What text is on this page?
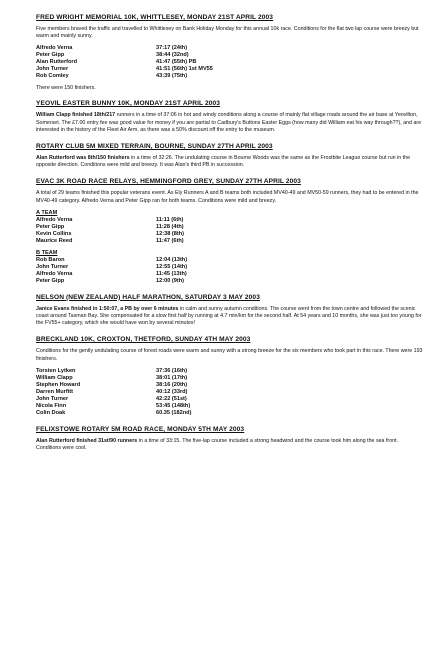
FRED WRIGHT MEMORIAL 10K, WHITTLESEY, MONDAY 21ST APRIL 2003
Five members braved the traffic and travelled to Whittlesey on Bank Holiday Monday for this annual 10k race. Conditions for the flat two lap course were breezy but warm and mainly sunny.
Alfredo Verna	37:17 (24th)
Peter Gipp	38:44 (32nd)
Alan Rutterford	41:47 (55th) PB
John Turner	41:51 (56th) 1st MV55
Rob Comley	43:39 (75th)
There were 150 finishers.
YEOVIL EASTER BUNNY 10K, MONDAY 21ST APRIL 2003
William Clapp finished 18th/217 runners in a time of 37:06 in hot and windy conditions along a course of mainly flat village roads around the air base at Yeovilton, Somerset. The £7.00 entry fee was good value for money if you are partial to Cadbury's Buttons Easter Eggs (how many did William eat his way through??), and are interested in the history of the Fleet Air Arm, as there was a 50% discount off the entry to the museum.
ROTARY CLUB 5M MIXED TERRAIN, BOURNE, SUNDAY 27TH APRIL 2003
Alan Rutterford was 8th/150 finishers in a time of 32:26. The undulating course in Bourne Woods was the same as the Frostbite League course but run in the opposite direction. Conditions were mild and breezy. It was Alan's third PB in succession.
EVAC 3K ROAD RACE RELAYS, HEMMINGFORD GREY, SUNDAY 27TH APRIL 2003
A total of 29 teams finished this popular veterans event. As Ely Runners A and B teams both included MV40-49 and MV50-59 runners, they had to be entered in the MV40-49 category. Alfredo Verna and Peter Gipp ran for both teams. Conditions were mild and breezy.
A TEAM
Alfredo Verna	11:11 (6th)
Peter Gipp	11:28 (4th)
Kevin Collins	12:38 (8th)
Maurice Reed	11:47 (6th)
B TEAM
Rob Baron	12:04 (13th)
John Turner	12:55 (14th)
Alfredo Verna	11:45 (13th)
Peter Gipp	12:00 (9th)
NELSON (NEW ZEALAND) HALF MARATHON, SATURDAY 3 MAY 2003
Janice Evans finished in 1:50:07, a PB by over 6 minutes in calm and sunny autumn conditions. The course went from the town centre and followed the scenic coast around Tasman Bay. She compensated for a slow first half by running at 4.7 min/km for the second half. At 54 years and 10 months, she was just too young for the FV55+ category, which she would have won by several minutes!
BRECKLAND 10K, CROXTON, THETFORD, SUNDAY 4TH MAY 2003
Conditions for the gently undulating course of forest roads were warm and sunny with a strong breeze for the six members who took part in this race. There were 193 finishers.
Torsten Lytken	37:36 (16th)
William Clapp	38:01 (17th)
Stephen Howard	38:16 (20th)
Darren Murfitt	40:12 (33rd)
John Turner	42:22 (51st)
Nicola Finn	53:45 (148th)
Colin Doak	60.35 (182nd)
FELIXSTOWE ROTARY 5M ROAD RACE, MONDAY 5TH MAY 2003
Alan Rutterford finished 31st/90 runners in a time of 33:15. The five-lap course included a strong headwind and the course took him along the sea front. Conditions were cool.
